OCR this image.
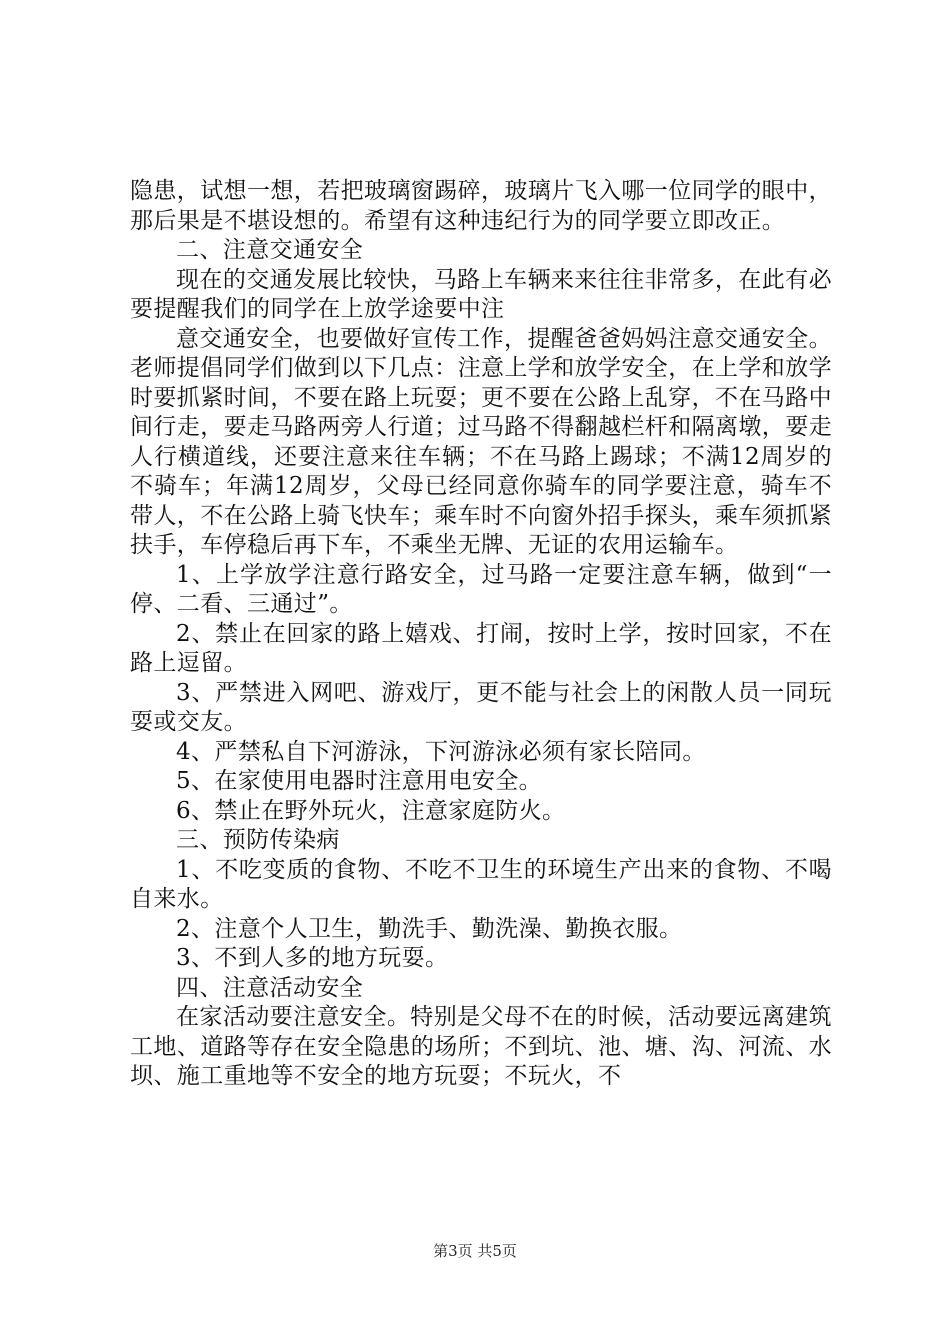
隐患，试想一想，若把玻璃窗踢碎，玻璃片飞入哪一位同学的眼中，那后果是不堪设想的。希望有这种违纪行为的同学要立即改正。

二、注意交通安全

现在的交通发展比较快，马路上车辆来来往往非常多，在此有必要提醒我们的同学在上放学途要中注

意交通安全，也要做好宣传工作，提醒爸爸妈妈注意交通安全。老师提倡同学们做到以下几点：注意上学和放学安全，在上学和放学时要抓紧时间，不要在路上玩耍；更不要在公路上乱穿，不在马路中间行走，要走马路两旁人行道；过马路不得翻越栏杆和隔离墩，要走人行横道线，还要注意来往车辆；不在马路上踢球；不满12周岁的不骑车；年满12周岁，父母已经同意你骑车的同学要注意，骑车不带人，不在公路上骑飞快车；乘车时不向窗外招手探头，乘车须抓紧扶手，车停稳后再下车，不乘坐无牌、无证的农用运输车。

1、上学放学注意行路安全，过马路一定要注意车辆，做到“一停、二看、三通过”。

2、禁止在回家的路上嬉戏、打闹，按时上学，按时回家，不在路上逗留。

3、严禁进入网吧、游戏厅，更不能与社会上的闲散人员一同玩耍或交友。

4、严禁私自下河游泳，下河游泳必须有家长陪同。

5、在家使用电器时注意用电安全。

6、禁止在野外玩火，注意家庭防火。

三、预防传染病

1、不吃变质的食物、不吃不卫生的环境生产出来的食物、不喝自来水。

2、注意个人卫生，勤洗手、勤洗澡、勤换衣服。

3、不到人多的地方玩耍。

四、注意活动安全

在家活动要注意安全。特别是父母不在的时候，活动要远离建筑工地、道路等存在安全隐患的场所；不到坑、池、塘、沟、河流、水坝、施工重地等不安全的地方玩耍；不玩火，不

第3页 共5页
